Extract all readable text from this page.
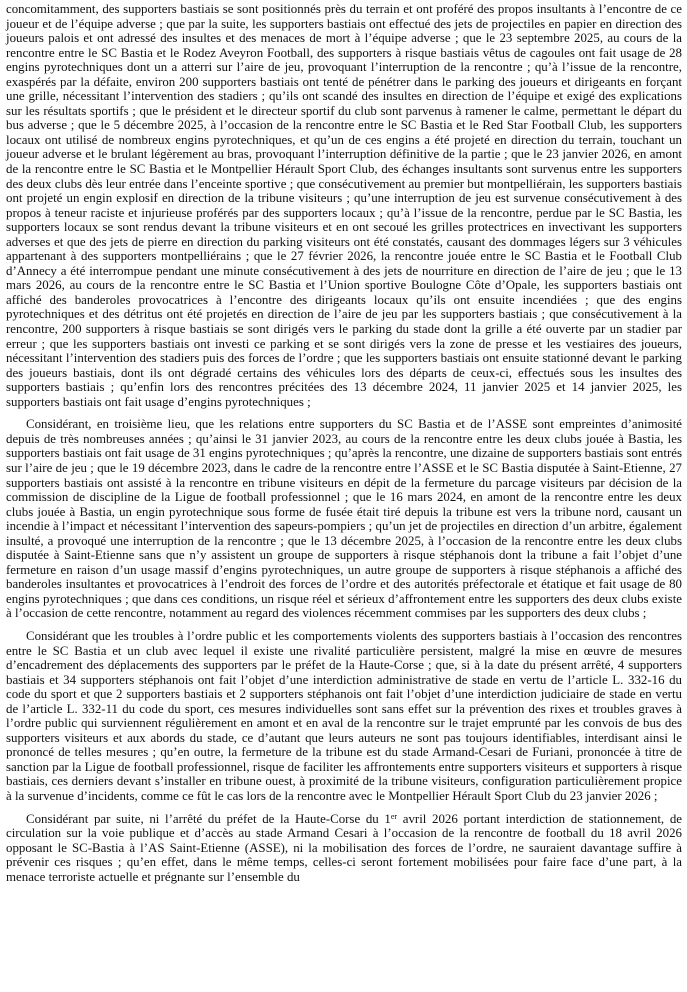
concomitamment, des supporters bastiais se sont positionnés près du terrain et ont proféré des propos insultants à l’encontre de ce joueur et de l’équipe adverse ; que par la suite, les supporters bastiais ont effectué des jets de projectiles en papier en direction des joueurs palois et ont adressé des insultes et des menaces de mort à l’équipe adverse ; que le 23 septembre 2025, au cours de la rencontre entre le SC Bastia et le Rodez Aveyron Football, des supporters à risque bastiais vêtus de cagoules ont fait usage de 28 engins pyrotechniques dont un a atterri sur l’aire de jeu, provoquant l’interruption de la rencontre ; qu’à l’issue de la rencontre, exaspérés par la défaite, environ 200 supporters bastiais ont tenté de pénétrer dans le parking des joueurs et dirigeants en forçant une grille, nécessitant l’intervention des stadiers ; qu’ils ont scandé des insultes en direction de l’équipe et exigé des explications sur les résultats sportifs ; que le président et le directeur sportif du club sont parvenus à ramener le calme, permettant le départ du bus adverse ; que le 5 décembre 2025, à l’occasion de la rencontre entre le SC Bastia et le Red Star Football Club, les supporters locaux ont utilisé de nombreux engins pyrotechniques, et qu’un de ces engins a été projeté en direction du terrain, touchant un joueur adverse et le brulant légèrement au bras, provoquant l’interruption définitive de la partie ; que le 23 janvier 2026, en amont de la rencontre entre le SC Bastia et le Montpellier Hérault Sport Club, des échanges insultants sont survenus entre les supporters des deux clubs dès leur entrée dans l’enceinte sportive ; que consécutivement au premier but montpelliérain, les supporters bastiais ont projeté un engin explosif en direction de la tribune visiteurs ; qu’une interruption de jeu est survenue consécutivement à des propos à teneur raciste et injurieuse proférés par des supporters locaux ; qu’à l’issue de la rencontre, perdue par le SC Bastia, les supporters locaux se sont rendus devant la tribune visiteurs et en ont secoué les grilles protectrices en invectivant les supporters adverses et que des jets de pierre en direction du parking visiteurs ont été constatés, causant des dommages légers sur 3 véhicules appartenant à des supporters montpelliérains ; que le 27 février 2026, la rencontre jouée entre le SC Bastia et le Football Club d’Annecy a été interrompue pendant une minute consécutivement à des jets de nourriture en direction de l’aire de jeu ; que le 13 mars 2026, au cours de la rencontre entre le SC Bastia et l’Union sportive Boulogne Côte d’Opale, les supporters bastiais ont affiché des banderoles provocatrices à l’encontre des dirigeants locaux qu’ils ont ensuite incendiées ; que des engins pyrotechniques et des détritus ont été projetés en direction de l’aire de jeu par les supporters bastiais ; que consécutivement à la rencontre, 200 supporters à risque bastiais se sont dirigés vers le parking du stade dont la grille a été ouverte par un stadier par erreur ; que les supporters bastiais ont investi ce parking et se sont dirigés vers la zone de presse et les vestiaires des joueurs, nécessitant l’intervention des stadiers puis des forces de l’ordre ; que les supporters bastiais ont ensuite stationné devant le parking des joueurs bastiais, dont ils ont dégradé certains des véhicules lors des départs de ceux-ci, effectués sous les insultes des supporters bastiais ; qu’enfin lors des rencontres précitées des 13 décembre 2024, 11 janvier 2025 et 14 janvier 2025, les supporters bastiais ont fait usage d’engins pyrotechniques ;

Considérant, en troisième lieu, que les relations entre supporters du SC Bastia et de l’ASSE sont empreintes d’animosité depuis de très nombreuses années ; qu’ainsi le 31 janvier 2023, au cours de la rencontre entre les deux clubs jouée à Bastia, les supporters bastiais ont fait usage de 31 engins pyrotechniques ; qu’après la rencontre, une dizaine de supporters bastiais sont entrés sur l’aire de jeu ; que le 19 décembre 2023, dans le cadre de la rencontre entre l’ASSE et le SC Bastia disputée à Saint-Etienne, 27 supporters bastiais ont assisté à la rencontre en tribune visiteurs en dépit de la fermeture du parcage visiteurs par décision de la commission de discipline de la Ligue de football professionnel ; que le 16 mars 2024, en amont de la rencontre entre les deux clubs jouée à Bastia, un engin pyrotechnique sous forme de fusée était tiré depuis la tribune est vers la tribune nord, causant un incendie à l’impact et nécessitant l’intervention des sapeurs-pompiers ; qu’un jet de projectiles en direction d’un arbitre, également insulté, a provoqué une interruption de la rencontre ; que le 13 décembre 2025, à l’occasion de la rencontre entre les deux clubs disputée à Saint-Etienne sans que n’y assistent un groupe de supporters à risque stéphanois dont la tribune a fait l’objet d’une fermeture en raison d’un usage massif d’engins pyrotechniques, un autre groupe de supporters à risque stéphanois a affiché des banderoles insultantes et provocatrices à l’endroit des forces de l’ordre et des autorités préfectorale et étatique et fait usage de 80 engins pyrotechniques ; que dans ces conditions, un risque réel et sérieux d’affrontement entre les supporters des deux clubs existe à l’occasion de cette rencontre, notamment au regard des violences récemment commises par les supporters des deux clubs ;

Considérant que les troubles à l’ordre public et les comportements violents des supporters bastiais à l’occasion des rencontres entre le SC Bastia et un club avec lequel il existe une rivalité particulière persistent, malgré la mise en œuvre de mesures d’encadrement des déplacements des supporters par le préfet de la Haute-Corse ; que, si à la date du présent arrêté, 4 supporters bastiais et 34 supporters stéphanois ont fait l’objet d’une interdiction administrative de stade en vertu de l’article L. 332-16 du code du sport et que 2 supporters bastiais et 2 supporters stéphanois ont fait l’objet d’une interdiction judiciaire de stade en vertu de l’article L. 332-11 du code du sport, ces mesures individuelles sont sans effet sur la prévention des rixes et troubles graves à l’ordre public qui surviennent régulièrement en amont et en aval de la rencontre sur le trajet emprunté par les convois de bus des supporters visiteurs et aux abords du stade, ce d’autant que leurs auteurs ne sont pas toujours identifiables, interdisant ainsi le prononcé de telles mesures ; qu’en outre, la fermeture de la tribune est du stade Armand-Cesari de Furiani, prononcée à titre de sanction par la Ligue de football professionnel, risque de faciliter les affrontements entre supporters visiteurs et supporters à risque bastiais, ces derniers devant s’installer en tribune ouest, à proximité de la tribune visiteurs, configuration particulièrement propice à la survenue d’incidents, comme ce fût le cas lors de la rencontre avec le Montpellier Hérault Sport Club du 23 janvier 2026 ;

Considérant par suite, ni l’arrêté du préfet de la Haute-Corse du 1er avril 2026 portant interdiction de stationnement, de circulation sur la voie publique et d’accès au stade Armand Cesari à l’occasion de la rencontre de football du 18 avril 2026 opposant le SC-Bastia à l’AS Saint-Etienne (ASSE), ni la mobilisation des forces de l’ordre, ne sauraient davantage suffire à prévenir ces risques ; qu’en effet, dans le même temps, celles-ci seront fortement mobilisées pour faire face d’une part, à la menace terroriste actuelle et prégnante sur l’ensemble du
